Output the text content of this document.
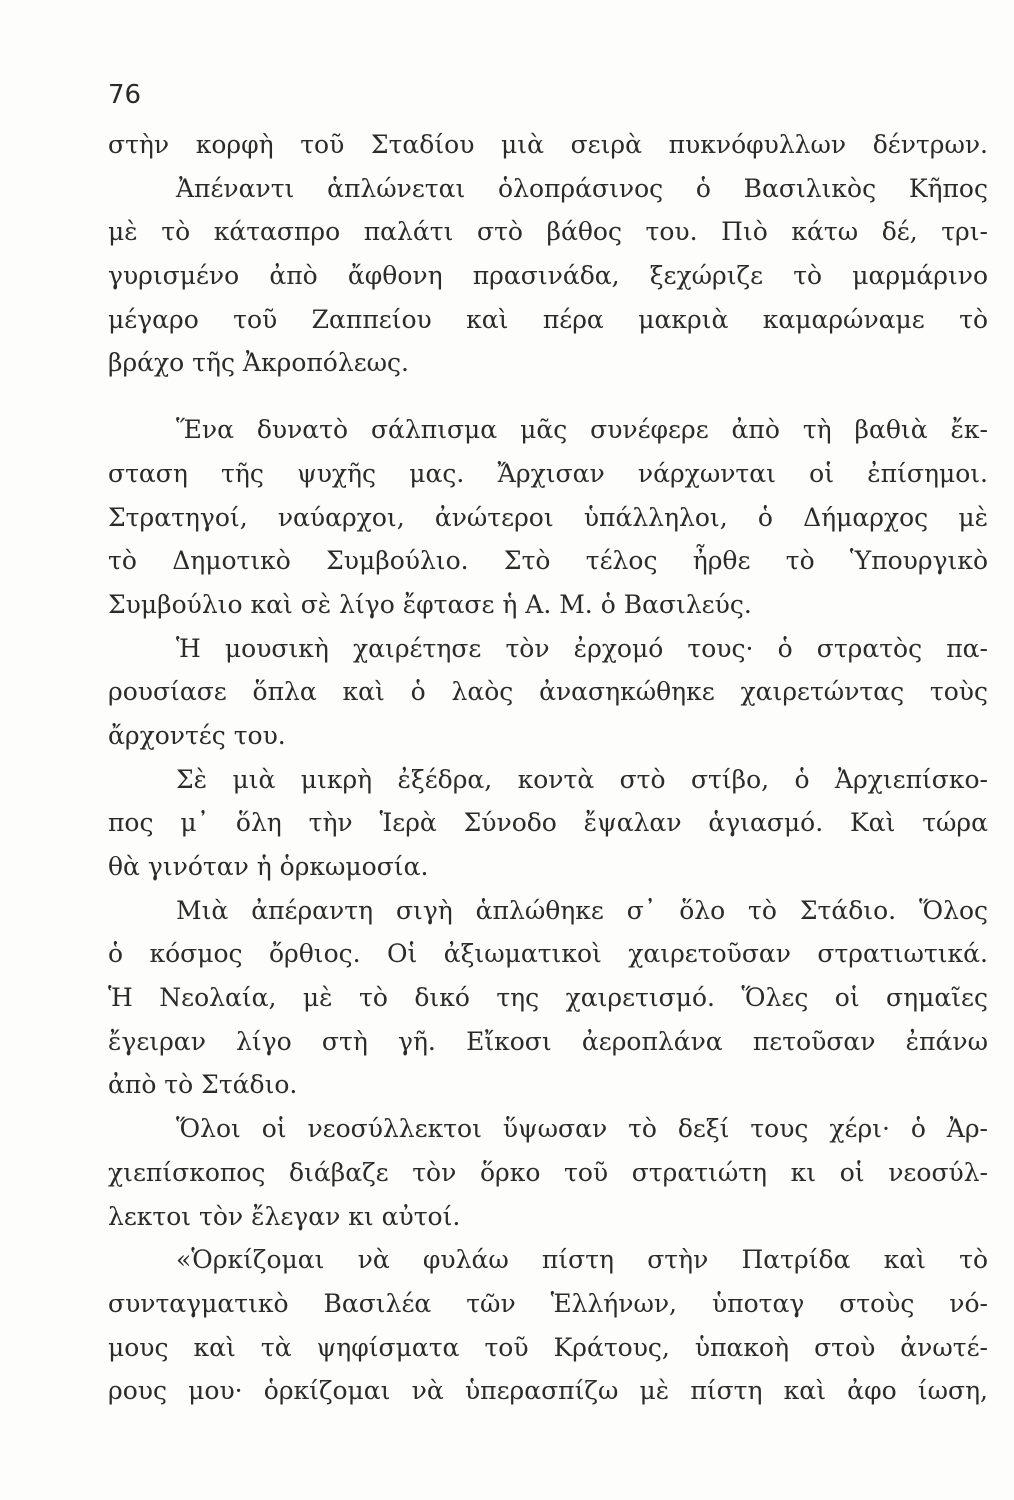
76
στὴν κορφὴ τοῦ Σταδίου μιὰ σειρὰ πυκνόφυλλων δέντρων.
Ἀπέναντι ἁπλώνεται ὁλοπράσινος ὁ Βασιλικὸς Κῆπος
μὲ τὸ κάτασπρο παλάτι στὸ βάθος του. Πιὸ κάτω δέ, τρι-
γυρισμένο ἀπὸ ἄφθονη πρασινάδα, ξεχώριζε τὸ μαρμάρινο
μέγαρο τοῦ Ζαππείου καὶ πέρα μακριὰ καμαρώναμε τὸ
βράχο τῆς Ἀκροπόλεως.
Ἕνα δυνατὸ σάλπισμα μᾶς συνέφερε ἀπὸ τὴ βαθιὰ ἔκ-
σταση τῆς ψυχῆς μας. Ἄρχισαν νάρχωνται οἱ ἐπίσημοι.
Στρατηγοί, ναύαρχοι, ἀνώτεροι ὑπάλληλοι, ὁ Δήμαρχος μὲ
τὸ Δημοτικὸ Συμβούλιο. Στὸ τέλος ἦρθε τὸ Ὑπουργικὸ
Συμβούλιο καὶ σὲ λίγο ἔφτασε ἡ Α. Μ. ὁ Βασιλεύς.
Ἡ μουσικὴ χαιρέτησε τὸν ἐρχομό τους· ὁ στρατὸς πα-
ρουσίασε ὅπλα καὶ ὁ λαὸς ἀνασηκώθηκε χαιρετώντας τοὺς
ἄρχοντές του.
Σὲ μιὰ μικρὴ ἐξέδρα, κοντὰ στὸ στίβο, ὁ Ἀρχιεπίσκο-
πος μ᾽ ὅλη τὴν Ἱερὰ Σύνοδο ἔψαλαν ἁγιασμό. Καὶ τώρα
θὰ γινόταν ἡ ὁρκωμοσία.
Μιὰ ἀπέραντη σιγὴ ἁπλώθηκε σ᾽ ὅλο τὸ Στάδιο. Ὅλος
ὁ κόσμος ὄρθιος. Οἱ ἀξιωματικοὶ χαιρετοῦσαν στρατιωτικά.
Ἡ Νεολαία, μὲ τὸ δικό της χαιρετισμό. Ὅλες οἱ σημαῖες
ἔγειραν λίγο στὴ γῆ. Εἴκοσι ἀεροπλάνα πετοῦσαν ἐπάνω
ἀπὸ τὸ Στάδιο.
Ὅλοι οἱ νεοσύλλεκτοι ὕψωσαν τὸ δεξί τους χέρι· ὁ Ἀρ-
χιεπίσκοπος διάβαζε τὸν ὅρκο τοῦ στρατιώτη κι οἱ νεοσύλ-
λεκτοι τὸν ἔλεγαν κι αὐτοί.
«Ὁρκίζομαι νὰ φυλάω πίστη στὴν Πατρίδα καὶ τὸ
συνταγματικὸ Βασιλέα τῶν Ἑλλήνων, ὑποταγ στοὺς νό-
μους καὶ τὰ ψηφίσματα τοῦ Κράτους, ὑπακοὴ στοὺ ἀνωτέ-
ρους μου· ὁρκίζομαι νὰ ὑπερασπίζω μὲ πίστη καὶ ἀφο ίωση,
